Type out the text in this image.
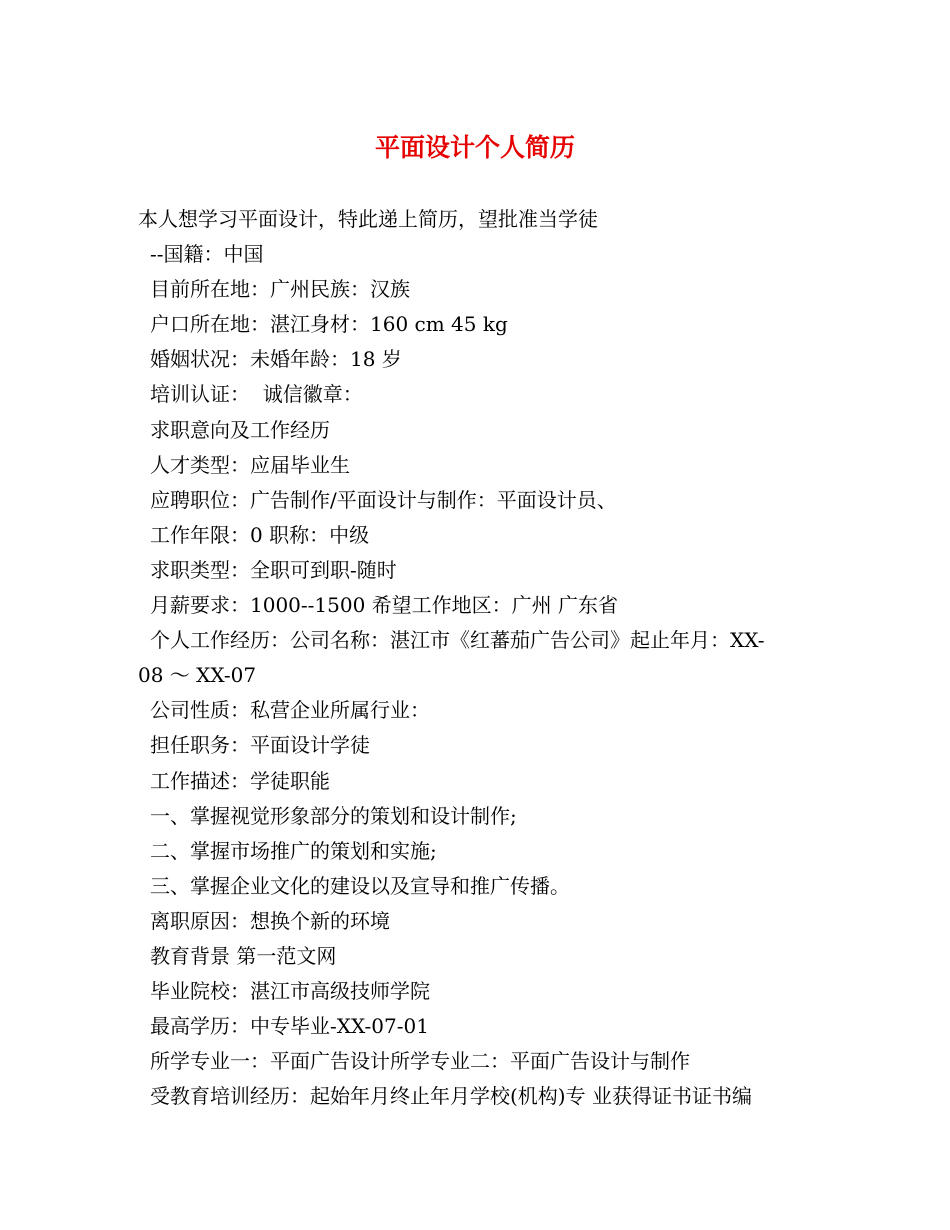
平面设计个人简历

本人想学习平面设计，特此递上简历，望批准当学徒

--国籍：中国

目前所在地：广州民族：汉族

户口所在地：湛江身材：160 cm 45 kg

婚姻状况：未婚年龄：18 岁

培训认证：  诚信徽章：

求职意向及工作经历

人才类型：应届毕业生

应聘职位：广告制作/平面设计与制作：平面设计员、

工作年限：0 职称：中级

求职类型：全职可到职-随时

月薪要求：1000--1500 希望工作地区：广州 广东省

个人工作经历：公司名称：湛江市《红蕃茄广告公司》起止年月：XX-

08 ～ XX-07

公司性质：私营企业所属行业：

担任职务：平面设计学徒

工作描述：学徒职能

一、掌握视觉形象部分的策划和设计制作;

二、掌握市场推广的策划和实施;

三、掌握企业文化的建设以及宣导和推广传播。

离职原因：想换个新的环境

教育背景 第一范文网

毕业院校：湛江市高级技师学院

最高学历：中专毕业-XX-07-01

所学专业一：平面广告设计所学专业二：平面广告设计与制作

受教育培训经历：起始年月终止年月学校(机构)专 业获得证书证书编
